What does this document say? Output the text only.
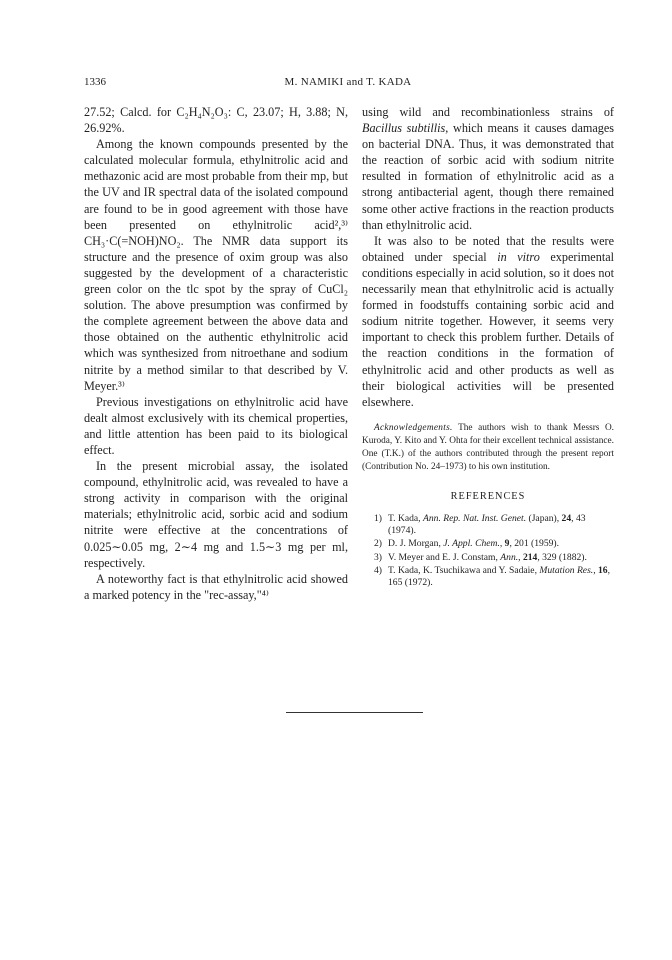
1336	M. NAMIKI and T. KADA

27.52; Calcd. for C₂H₄N₂O₃: C, 23.07; H, 3.88; N, 26.92%.

Among the known compounds presented by the calculated molecular formula, ethylnitrolic acid and methazonic acid are most probable from their mp, but the UV and IR spectral data of the isolated compound are found to be in good agreement with those have been presented on ethylnitrolic acid²,³⁾ CH₃·C(=NOH)NO₂. The NMR data support its structure and the presence of oxim group was also suggested by the development of a characteristic green color on the tlc spot by the spray of CuCl₂ solution. The above presumption was confirmed by the complete agreement between the above data and those obtained on the authentic ethylnitrolic acid which was synthesized from nitroethane and sodium nitrite by a method similar to that described by V. Meyer.³⁾

Previous investigations on ethylnitrolic acid have dealt almost exclusively with its chemical properties, and little attention has been paid to its biological effect.

In the present microbial assay, the isolated compound, ethylnitrolic acid, was revealed to have a strong activity in comparison with the original materials; ethylnitrolic acid, sorbic acid and sodium nitrite were effective at the concentrations of 0.025∼0.05 mg, 2∼4 mg and 1.5∼3 mg per ml, respectively.

A noteworthy fact is that ethylnitrolic acid showed a marked potency in the "rec-assay,"⁴⁾

using wild and recombinationless strains of Bacillus subtillis, which means it causes damages on bacterial DNA. Thus, it was demonstrated that the reaction of sorbic acid with sodium nitrite resulted in formation of ethylnitrolic acid as a strong antibacterial agent, though there remained some other active fractions in the reaction products than ethylnitrolic acid.

It was also to be noted that the results were obtained under special in vitro experimental conditions especially in acid solution, so it does not necessarily mean that ethylnitrolic acid is actually formed in foodstuffs containing sorbic acid and sodium nitrite together. However, it seems very important to check this problem further. Details of the reaction conditions in the formation of ethylnitrolic acid and other products as well as their biological activities will be presented elsewhere.

Acknowledgements. The authors wish to thank Messrs O. Kuroda, Y. Kito and Y. Ohta for their excellent technical assistance. One (T.K.) of the authors contributed through the present report (Contribution No. 24–1973) to his own institution.

REFERENCES

1) T. Kada, Ann. Rep. Nat. Inst. Genet. (Japan), 24, 43 (1974).
2) D. J. Morgan, J. Appl. Chem., 9, 201 (1959).
3) V. Meyer and E. J. Constam, Ann., 214, 329 (1882).
4) T. Kada, K. Tsuchikawa and Y. Sadaie, Mutation Res., 16, 165 (1972).
